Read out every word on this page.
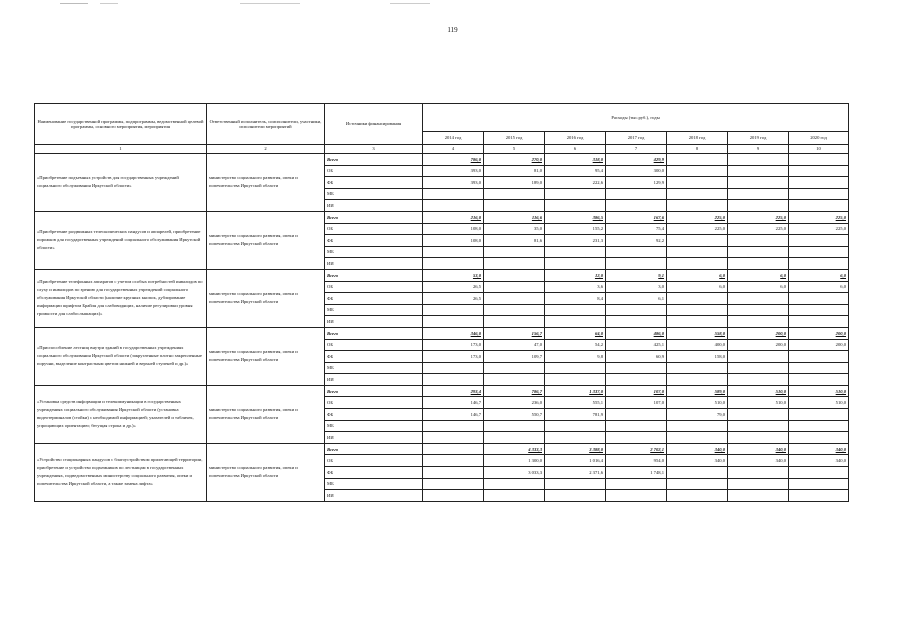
119
Наименование государственной программы, подпрограммы, ведомственной целевой программы, основного мероприятия, мероприятия	Ответственный исполнитель, соисполнители, участники, исполнители мероприятий	Источники финансирования	Расходы (тыс.руб.), годы						
			2014 год	2015 год	2016 год	2017 год	2018 год	2019 год	2020 год
1	2	3	4	5	6	7	8	9	10
«Приобретение подъемных устройств для государственных учреждений социального обслуживания Иркутской области»	министерство социального развития, опеки и попечительства Иркутской области	Всего	786,0	270,0	318,0	429,9			
		ОБ	393,0	81,0	95,4	300,0			
		ФБ	393,0	189,0	222,6	129,9			
		МБ							
		ИИ							
«Приобретение раздвижных телескопических пандусов и аппарелей, приобретение порожков для государственных учреждений социального обслуживания Иркутской области»	министерство социального развития, опеки и попечительства Иркутской области	Всего	216,0	116,6	386,5	167,6	225,0	225,0	225,0
		ОБ	108,0	35,0	155,2	75,4	225,0	225,0	225,0
		ФБ	108,0	81,6	231,3	92,2			
		МБ							
		ИИ							
«Приобретение телефонных аппаратов с учетом особых потребностей инвалидов по слуху и инвалидов по зрению для государственных учреждений социального обслуживания Иркутской области (наличие крупных кнопок, дублирование информации шрифтом Брайля для слабовидящих, наличие регулировки уровня громкости для слабослышащих)»	министерство социального развития, опеки и попечительства Иркутской области	Всего	53,0		12,0	9,1	6,0	6,0	6,0
		ОБ	26,5		3,6	3,0	6,0	6,0	6,0
		ФБ	26,5		8,4	6,1			
		МБ							
		ИИ							
«Приспособление лестниц внутри зданий в государственных учреждениях социального обслуживания Иркутской области (закругленные плотно закрепленные поручни, выделение контрастным цветом нижней и верхней ступеней и др.)»	министерство социального развития, опеки и попечительства Иркутской области	Всего	346,0	156,7	64,0	486,0	558,0	200,0	200,0
		ОБ	173,0	47,0	54,2	425,1	400,0	200,0	200,0
		ФБ	173,0	109,7	9,8	60,9	158,0		
		МБ							
		ИИ							
«Установка средств информации и телекоммуникации в государственных учреждениях социального обслуживания Иркутской области (установка видеотерминалов (стойки) с необходимой информацией; указателей и табличек, упрощающих ориентацию; бегущая строка и др.)»	министерство социального развития, опеки и попечительства Иркутской области	Всего	293,4	786,7	1 337,0	107,0	589,0	510,0	510,0
		ОБ	146,7	236,0	555,1	107,0	510,0	510,0	510,0
		ФБ	146,7	550,7	781,9		79,0		
		МБ							
		ИИ							
«Устройство стационарных пандусов с благоустройством прилегающей территории, приобретение и устройство подъемников по лестницам в государственных учреждениях, подведомственных министерству социального развития, опеки и попечительства Иркутской области, а также замена лифта»	министерство социального развития, опеки и попечительства Иркутской области	Всего		4 333,3	3 388,0	2 702,1	340,0	340,0	340,0
		ОБ		1 300,0	1 016,4	954,0	340,0	340,0	340,0
		ФБ		3 033,3	2 371,6	1 748,1			
		МБ							
		ИИ							
